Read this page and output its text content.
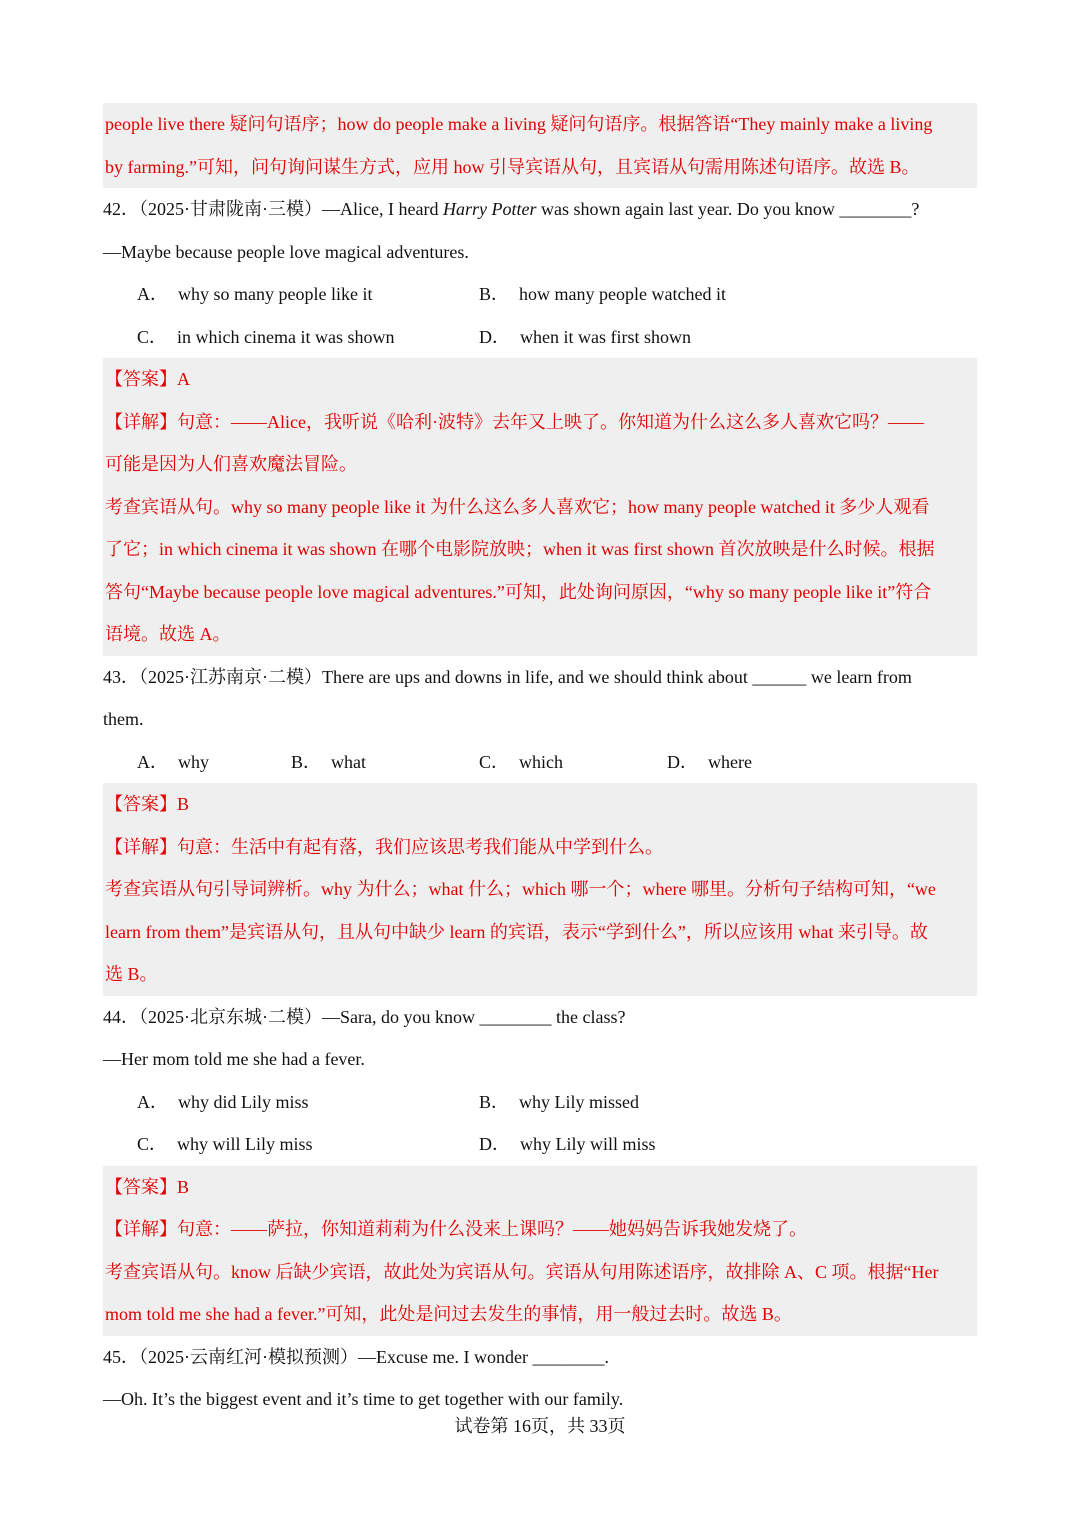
people live there 疑问句语序；how do people make a living 疑问句语序。根据答语“They mainly make a living
by farming.”可知，问句询问谋生方式，应用 how 引导宾语从句，且宾语从句需用陈述句语序。故选 B。
42．（2025·甘肃陇南·三模）—Alice, I heard Harry Potter was shown again last year. Do you know ________?
—Maybe because people love magical adventures.
A． why so many people like it	B． how many people watched it
C． in which cinema it was shown	D． when it was first shown
【答案】A
【详解】句意：——Alice，我听说《哈利·波特》去年又上映了。你知道为什么这么多人喜欢它吗？——
可能是因为人们喜欢魔法冒险。
考查宾语从句。why so many people like it 为什么这么多人喜欢它；how many people watched it 多少人观看
了它；in which cinema it was shown 在哪个电影院放映；when it was first shown 首次放映是什么时候。根据
答句“Maybe because people love magical adventures.”可知，此处询问原因，“why so many people like it”符合
语境。故选 A。
43．（2025·江苏南京·二模）There are ups and downs in life, and we should think about ______ we learn from
them.
A． why	B． what	C． which	D． where
【答案】B
【详解】句意：生活中有起有落，我们应该思考我们能从中学到什么。
考查宾语从句引导词辨析。why 为什么；what 什么；which 哪一个；where 哪里。分析句子结构可知，“we
learn from them”是宾语从句，且从句中缺少 learn 的宾语，表示“学到什么”，所以应该用 what 来引导。故
选 B。
44．（2025·北京东城·二模）—Sara, do you know ________ the class?
—Her mom told me she had a fever.
A． why did Lily miss	B． why Lily missed
C． why will Lily miss	D． why Lily will miss
【答案】B
【详解】句意：——萨拉，你知道莉莉为什么没来上课吗？——她妈妈告诉我她发烧了。
考查宾语从句。know 后缺少宾语，故此处为宾语从句。宾语从句用陈述语序，故排除 A、C 项。根据“Her
mom told me she had a fever.”可知，此处是问过去发生的事情，用一般过去时。故选 B。
45．（2025·云南红河·模拟预测）—Excuse me. I wonder ________.
—Oh. It’s the biggest event and it’s time to get together with our family.
试卷第 16页，共 33页
